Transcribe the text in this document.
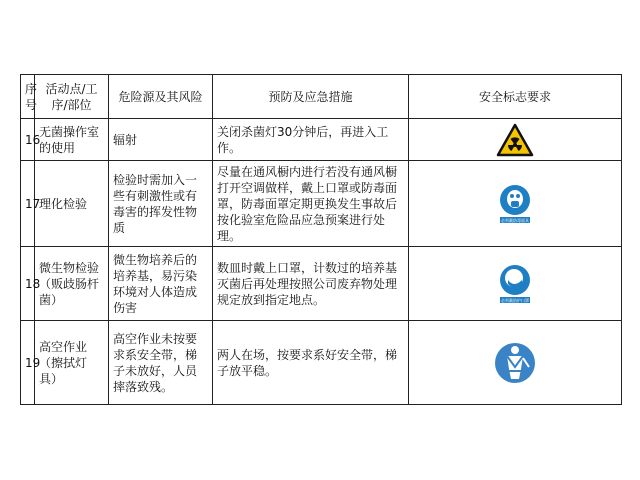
序号	活动点/工序/部位	危险源及其风险	预防及应急措施	安全标志要求
16	无菌操作室的使用	辐射	关闭杀菌灯30分钟后，再进入工作。	

17	理化检验	检验时需加入一些有刺激性或有毒害的挥发性物质	尽量在通风橱内进行若没有通风橱打开空调做样，戴上口罩或防毒面罩，防毒面罩定期更换发生事故后按化验室危险品应急预案进行处理。	必须戴防毒面具

18	微生物检验（贩歧肠杆菌）	微生物培养后的培养基，易污染环境对人体造成伤害	数皿时戴上口罩，计数过的培养基灭菌后再处理按照公司废弃物处理规定放到指定地点。	必须戴防护口罩

19	高空作业（擦拭灯具）	高空作业未按要求系安全带，梯子未放好，人员摔落致残。	两人在场，按要求系好安全带，梯子放平稳。	
